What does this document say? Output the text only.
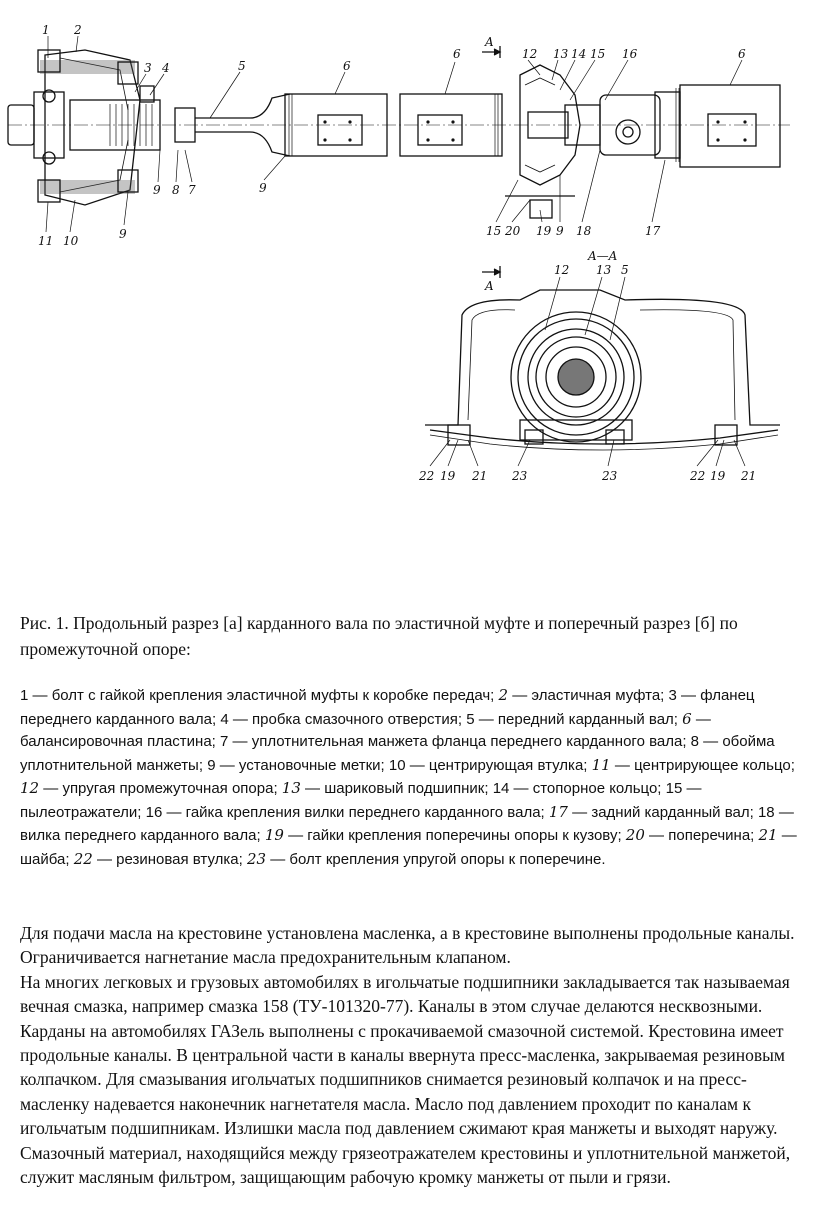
1 2
3 4	5	6
6	12 13 14 15 16	6
9 8 7	9
11 10	9	15 20 19 9 18	17
A
A—A
A
12 13 5
22 19 21 23	23	22 19 21
Рис. 1. Продольный разрез [а] карданного вала по эластичной муфте и поперечный разрез [б] по промежуточной опоре:

1 — болт с гайкой крепления эластичной муфты к коробке передач; 2 — эластичная муфта; 3 — фланец переднего карданного вала; 4 — пробка смазочного отверстия; 5 — передний карданный вал; 6 — балансировочная пластина; 7 — уплотнительная манжета фланца переднего карданного вала; 8 — обойма уплотнительной манжеты; 9 — установочные метки; 10 — центрирующая втулка; 11 — центрирующее кольцо; 12 — упругая промежуточная опора; 13 — шариковый подшипник; 14 — стопорное кольцо; 15 — пылеотражатели; 16 — гайка крепления вилки переднего карданного вала; 17 — задний карданный вал; 18 — вилка переднего карданного вала; 19 — гайки крепления поперечины опоры к кузову; 20 — поперечина; 21 — шайба; 22 — резиновая втулка; 23 — болт крепления упругой опоры к поперечине.

Для подачи масла на крестовине установлена масленка, а в крестовине выполнены продольные каналы. Ограничивается нагнетание масла предохранительным клапаном.

На многих легковых и грузовых автомобилях в игольчатые подшипники закладывается так называемая вечная смазка, например смазка 158 (ТУ-101320-77). Каналы в этом случае делаются несквозными.

Карданы на автомобилях ГАЗель выполнены с прокачиваемой смазочной системой. Крестовина имеет продольные каналы. В центральной части в каналы ввернута пресс-масленка, закрываемая резиновым колпачком. Для смазывания игольчатых подшипников снимается резиновый колпачок и на пресс-масленку надевается наконечник нагнетателя масла. Масло под давлением проходит по каналам к игольчатым подшипникам. Излишки масла под давлением сжимают края манжеты и выходят наружу. Смазочный материал, находящийся между грязеотражателем крестовины и уплотнительной манжетой, служит масляным фильтром, защищающим рабочую кромку манжеты от пыли и грязи.
